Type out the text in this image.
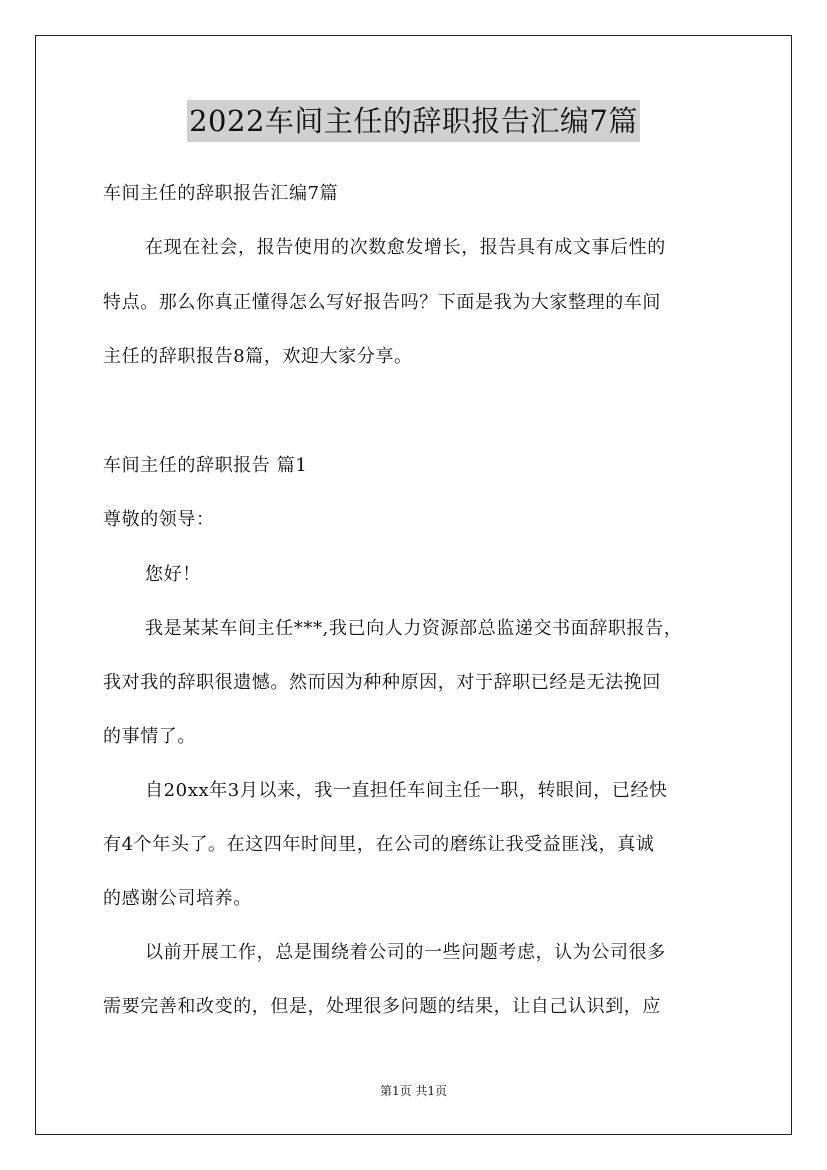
2022车间主任的辞职报告汇编7篇
车间主任的辞职报告汇编7篇
在现在社会，报告使用的次数愈发增长，报告具有成文事后性的
特点。那么你真正懂得怎么写好报告吗？下面是我为大家整理的车间
主任的辞职报告8篇，欢迎大家分享。
车间主任的辞职报告 篇1
尊敬的领导：
您好！
我是某某车间主任***,我已向人力资源部总监递交书面辞职报告，
我对我的辞职很遗憾。然而因为种种原因，对于辞职已经是无法挽回
的事情了。
自20xx年3月以来，我一直担任车间主任一职，转眼间，已经快
有4个年头了。在这四年时间里，在公司的磨练让我受益匪浅，真诚
的感谢公司培养。
以前开展工作，总是围绕着公司的一些问题考虑，认为公司很多
需要完善和改变的，但是，处理很多问题的结果，让自己认识到，应
第1页 共1页
